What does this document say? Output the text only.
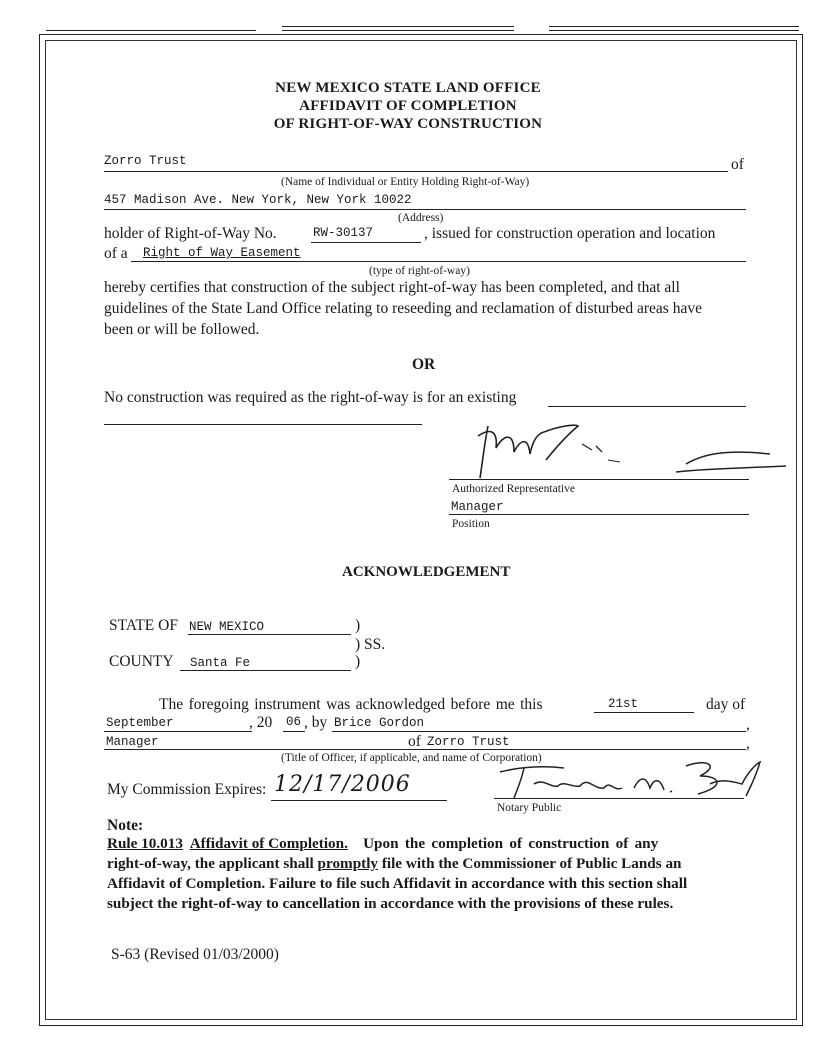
NEW MEXICO STATE LAND OFFICE
AFFIDAVIT OF COMPLETION
OF RIGHT-OF-WAY CONSTRUCTION
Zorro Trust	of
(Name of Individual or Entity Holding Right-of-Way)
457 Madison Ave. New York, New York 10022
(Address)
holder of Right-of-Way No.	RW-30137	, issued for construction operation and location
of a Right of Way Easement
(type of right-of-way)
hereby certifies that construction of the subject right-of-way has been completed, and that all
guidelines of the State Land Office relating to reseeding and reclamation of disturbed areas have
been or will be followed.
OR
No construction was required as the right-of-way is for an existing
Authorized Representative
Manager
Position
ACKNOWLEDGEMENT
STATE OF NEW MEXICO	)
) SS.
COUNTY Santa Fe	)
The foregoing instrument was acknowledged before me this	21st	day of
September	, 20 06 , by Brice Gordon	,
Manager	of Zorro Trust	,
(Title of Officer, if applicable, and name of Corporation)
My Commission Expires: 12/17/2006
Notary Public
Note:
Rule 10.013 Affidavit of Completion. Upon the completion of construction of any
right-of-way, the applicant shall promptly file with the Commissioner of Public Lands an
Affidavit of Completion. Failure to file such Affidavit in accordance with this section shall
subject the right-of-way to cancellation in accordance with the provisions of these rules.
S-63 (Revised 01/03/2000)
